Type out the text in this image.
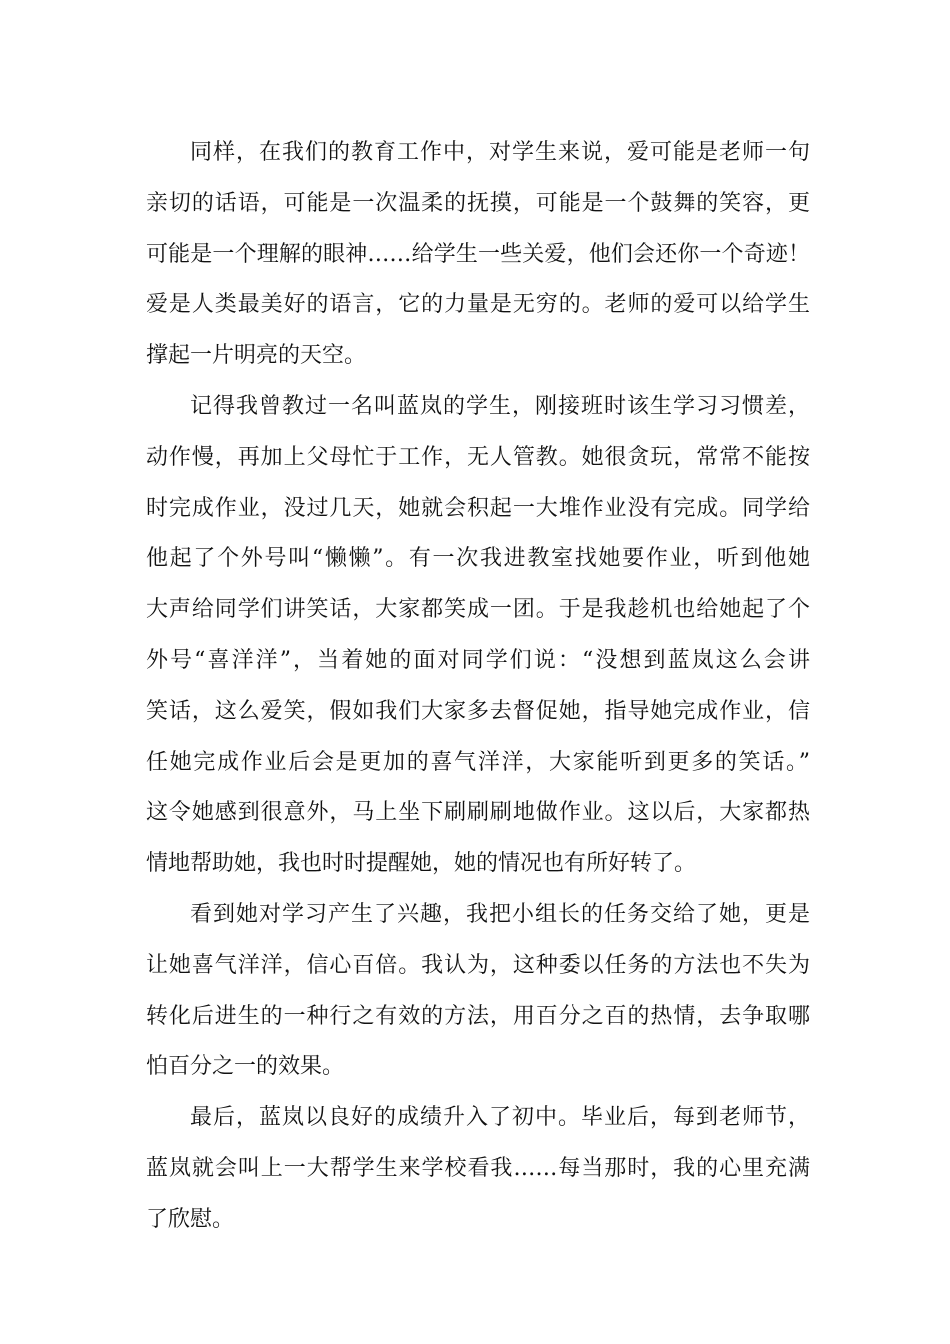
同样，在我们的教育工作中，对学生来说，爱可能是老师一句
亲切的话语，可能是一次温柔的抚摸，可能是一个鼓舞的笑容，更
可能是一个理解的眼神……给学生一些关爱，他们会还你一个奇迹！
爱是人类最美好的语言，它的力量是无穷的。老师的爱可以给学生
撑起一片明亮的天空。
记得我曾教过一名叫蓝岚的学生，刚接班时该生学习习惯差，
动作慢，再加上父母忙于工作，无人管教。她很贪玩，常常不能按
时完成作业，没过几天，她就会积起一大堆作业没有完成。同学给
他起了个外号叫“懒懒”。有一次我进教室找她要作业，听到他她
大声给同学们讲笑话，大家都笑成一团。于是我趁机也给她起了个
外号“喜洋洋”，当着她的面对同学们说：“没想到蓝岚这么会讲
笑话，这么爱笑，假如我们大家多去督促她，指导她完成作业，信
任她完成作业后会是更加的喜气洋洋，大家能听到更多的笑话。”
这令她感到很意外，马上坐下刷刷刷地做作业。这以后，大家都热
情地帮助她，我也时时提醒她，她的情况也有所好转了。
看到她对学习产生了兴趣，我把小组长的任务交给了她，更是
让她喜气洋洋，信心百倍。我认为，这种委以任务的方法也不失为
转化后进生的一种行之有效的方法，用百分之百的热情，去争取哪
怕百分之一的效果。
最后，蓝岚以良好的成绩升入了初中。毕业后，每到老师节，
蓝岚就会叫上一大帮学生来学校看我……每当那时，我的心里充满
了欣慰。
